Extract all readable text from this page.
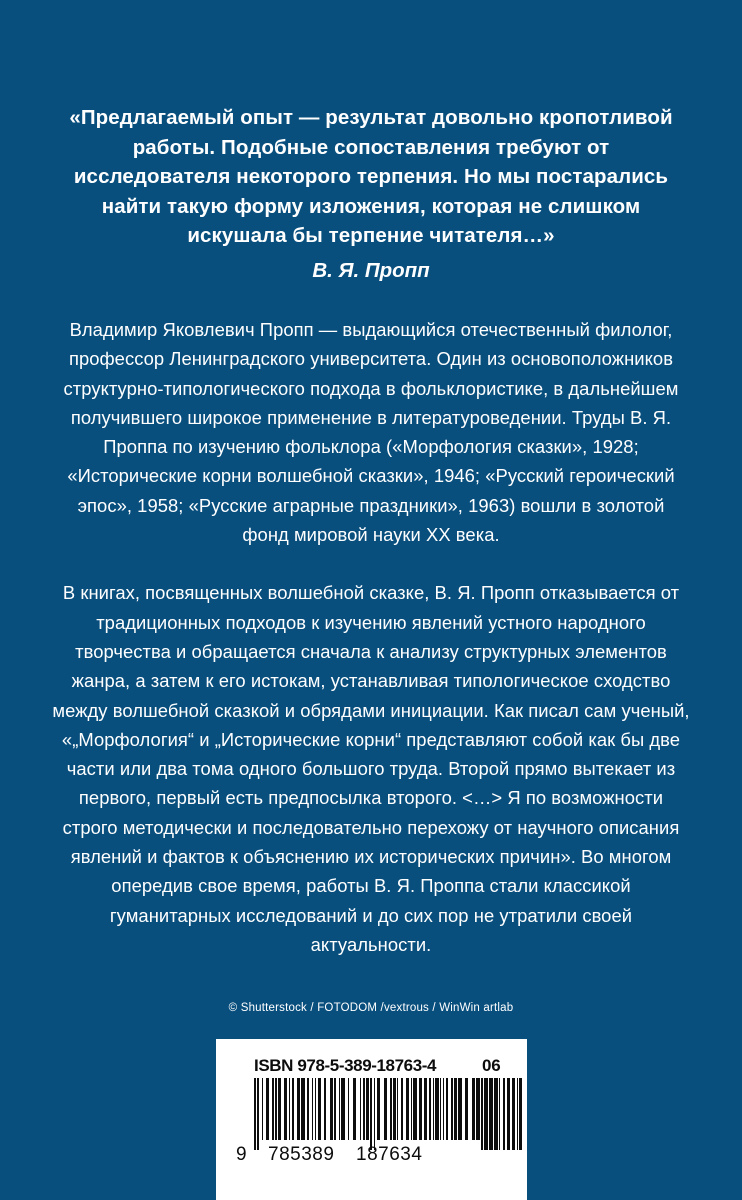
«Предлагаемый опыт — результат довольно кропотливой работы. Подобные сопоставления требуют от исследователя некоторого терпения. Но мы постарались найти такую форму изложения, которая не слишком искушала бы терпение читателя…»
В. Я. Пропп

Владимир Яковлевич Пропп — выдающийся отечественный филолог, профессор Ленинградского университета. Один из основоположников структурно-типологического подхода в фольклористике, в дальнейшем получившего широкое применение в литературоведении. Труды В. Я. Проппа по изучению фольклора («Морфология сказки», 1928; «Исторические корни волшебной сказки», 1946; «Русский героический эпос», 1958; «Русские аграрные праздники», 1963) вошли в золотой фонд мировой науки XX века.

В книгах, посвященных волшебной сказке, В. Я. Пропп отказывается от традиционных подходов к изучению явлений устного народного творчества и обращается сначала к анализу структурных элементов жанра, а затем к его истокам, устанавливая типологическое сходство между волшебной сказкой и обрядами инициации. Как писал сам ученый, «„Морфология“ и „Исторические корни“ представляют собой как бы две части или два тома одного большого труда. Второй прямо вытекает из первого, первый есть предпосылка второго. <…> Я по возможности строго методически и последовательно перехожу от научного описания явлений и фактов к объяснению их исторических причин». Во многом опередив свое время, работы В. Я. Проппа стали классикой гуманитарных исследований и до сих пор не утратили своей актуальности.

© Shutterstock / FOTODOM /vextrous / WinWin artlab
ISBN 978-5-389-18763-4	06
9 785389 187634
